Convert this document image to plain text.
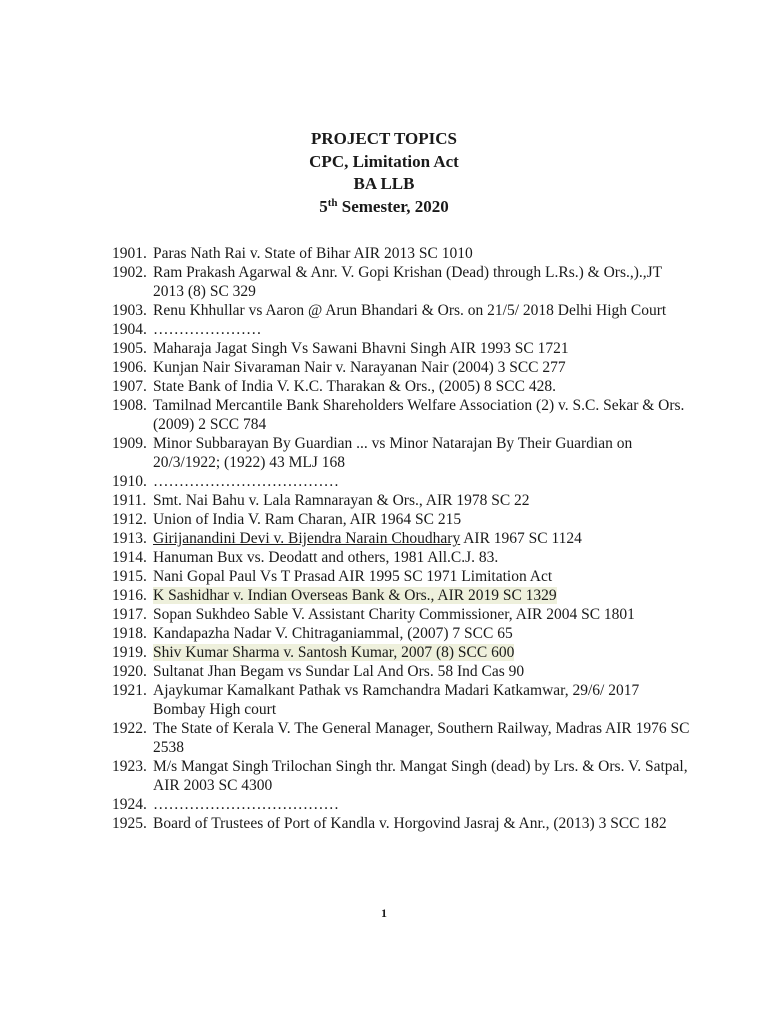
PROJECT TOPICS
CPC, Limitation Act
BA LLB
5th Semester, 2020
1901. Paras Nath Rai v. State of Bihar AIR 2013 SC 1010
1902. Ram Prakash Agarwal & Anr. V. Gopi Krishan (Dead) through L.Rs.) & Ors.,).,JT 2013 (8) SC 329
1903. Renu Khhullar vs Aaron @ Arun Bhandari & Ors. on 21/5/ 2018 Delhi High Court
1904. …………………
1905. Maharaja Jagat Singh Vs Sawani Bhavni Singh AIR 1993 SC 1721
1906. Kunjan Nair Sivaraman Nair v. Narayanan Nair (2004) 3 SCC 277
1907. State Bank of India V. K.C. Tharakan & Ors., (2005) 8 SCC 428.
1908. Tamilnad Mercantile Bank Shareholders Welfare Association (2) v. S.C. Sekar & Ors. (2009) 2 SCC 784
1909. Minor Subbarayan By Guardian ... vs Minor Natarajan By Their Guardian on 20/3/1922; (1922) 43 MLJ 168
1910. ………………………………
1911. Smt. Nai Bahu v. Lala Ramnarayan & Ors., AIR 1978 SC 22
1912. Union of India V. Ram Charan, AIR 1964 SC 215
1913. Girijanandini Devi v. Bijendra Narain Choudhary AIR 1967 SC 1124
1914. Hanuman Bux vs. Deodatt and others, 1981 All.C.J. 83.
1915. Nani Gopal Paul Vs T Prasad AIR 1995 SC 1971 Limitation Act
1916. K Sashidhar v. Indian Overseas Bank & Ors., AIR 2019 SC 1329
1917. Sopan Sukhdeo Sable V. Assistant Charity Commissioner, AIR 2004 SC 1801
1918. Kandapazha Nadar V. Chitraganiammal, (2007) 7 SCC 65
1919. Shiv Kumar Sharma v. Santosh Kumar, 2007 (8) SCC 600
1920. Sultanat Jhan Begam vs Sundar Lal And Ors. 58 Ind Cas 90
1921. Ajaykumar Kamalkant Pathak vs Ramchandra Madari Katkamwar, 29/6/ 2017 Bombay High court
1922. The State of Kerala V. The General Manager, Southern Railway, Madras AIR 1976 SC 2538
1923. M/s Mangat Singh Trilochan Singh thr. Mangat Singh (dead) by Lrs. & Ors. V. Satpal, AIR 2003 SC 4300
1924. ………………………………
1925. Board of Trustees of Port of Kandla v. Horgovind Jasraj & Anr., (2013) 3 SCC 182
1
